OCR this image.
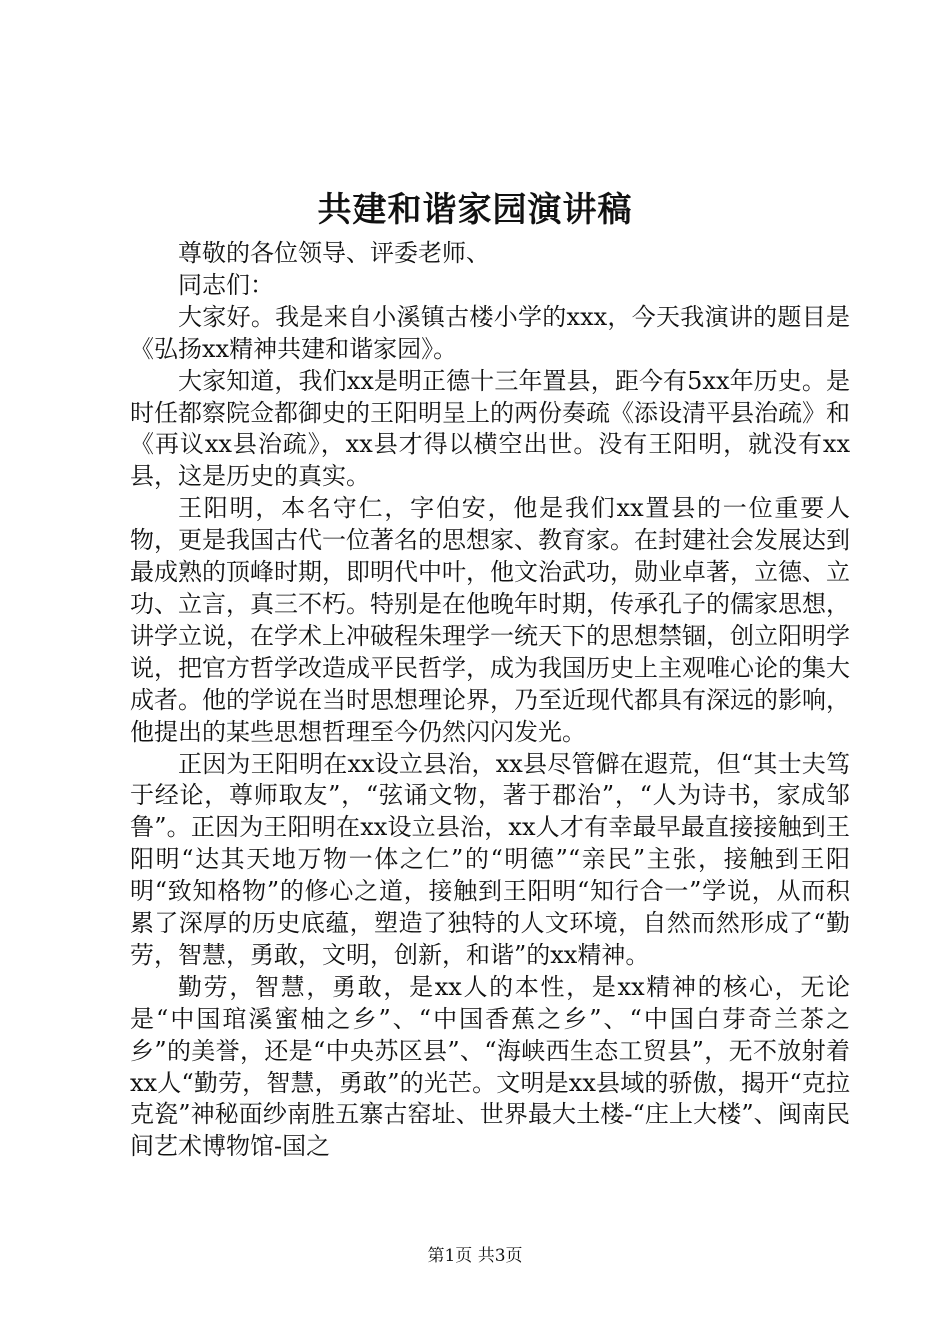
共建和谐家园演讲稿

尊敬的各位领导、评委老师、

同志们：

大家好。我是来自小溪镇古楼小学的xxx，今天我演讲的题目是《弘扬xx精神共建和谐家园》。

大家知道，我们xx是明正德十三年置县，距今有5xx年历史。是时任都察院佥都御史的王阳明呈上的两份奏疏《添设清平县治疏》和《再议xx县治疏》，xx县才得以横空出世。没有王阳明，就没有xx县，这是历史的真实。

王阳明，本名守仁，字伯安，他是我们xx置县的一位重要人物，更是我国古代一位著名的思想家、教育家。在封建社会发展达到最成熟的顶峰时期，即明代中叶，他文治武功，勋业卓著，立德、立功、立言，真三不朽。特别是在他晚年时期，传承孔子的儒家思想，讲学立说，在学术上冲破程朱理学一统天下的思想禁锢，创立阳明学说，把官方哲学改造成平民哲学，成为我国历史上主观唯心论的集大成者。他的学说在当时思想理论界，乃至近现代都具有深远的影响，他提出的某些思想哲理至今仍然闪闪发光。

正因为王阳明在xx设立县治，xx县尽管僻在遐荒，但“其士夫笃于经论，尊师取友”，“弦诵文物，著于郡治”，“人为诗书，家成邹鲁”。正因为王阳明在xx设立县治，xx人才有幸最早最直接接触到王阳明“达其天地万物一体之仁”的“明德”“亲民”主张，接触到王阳明“致知格物”的修心之道，接触到王阳明“知行合一”学说，从而积累了深厚的历史底蕴，塑造了独特的人文环境，自然而然形成了“勤劳，智慧，勇敢，文明，创新，和谐”的xx精神。

勤劳，智慧，勇敢，是xx人的本性，是xx精神的核心，无论是“中国琯溪蜜柚之乡”、“中国香蕉之乡”、“中国白芽奇兰茶之乡”的美誉，还是“中央苏区县”、“海峡西生态工贸县”，无不放射着xx人“勤劳，智慧，勇敢”的光芒。文明是xx县域的骄傲，揭开“克拉克瓷”神秘面纱南胜五寨古窑址、世界最大土楼-“庄上大楼”、闽南民间艺术博物馆-国之

第1页 共3页
